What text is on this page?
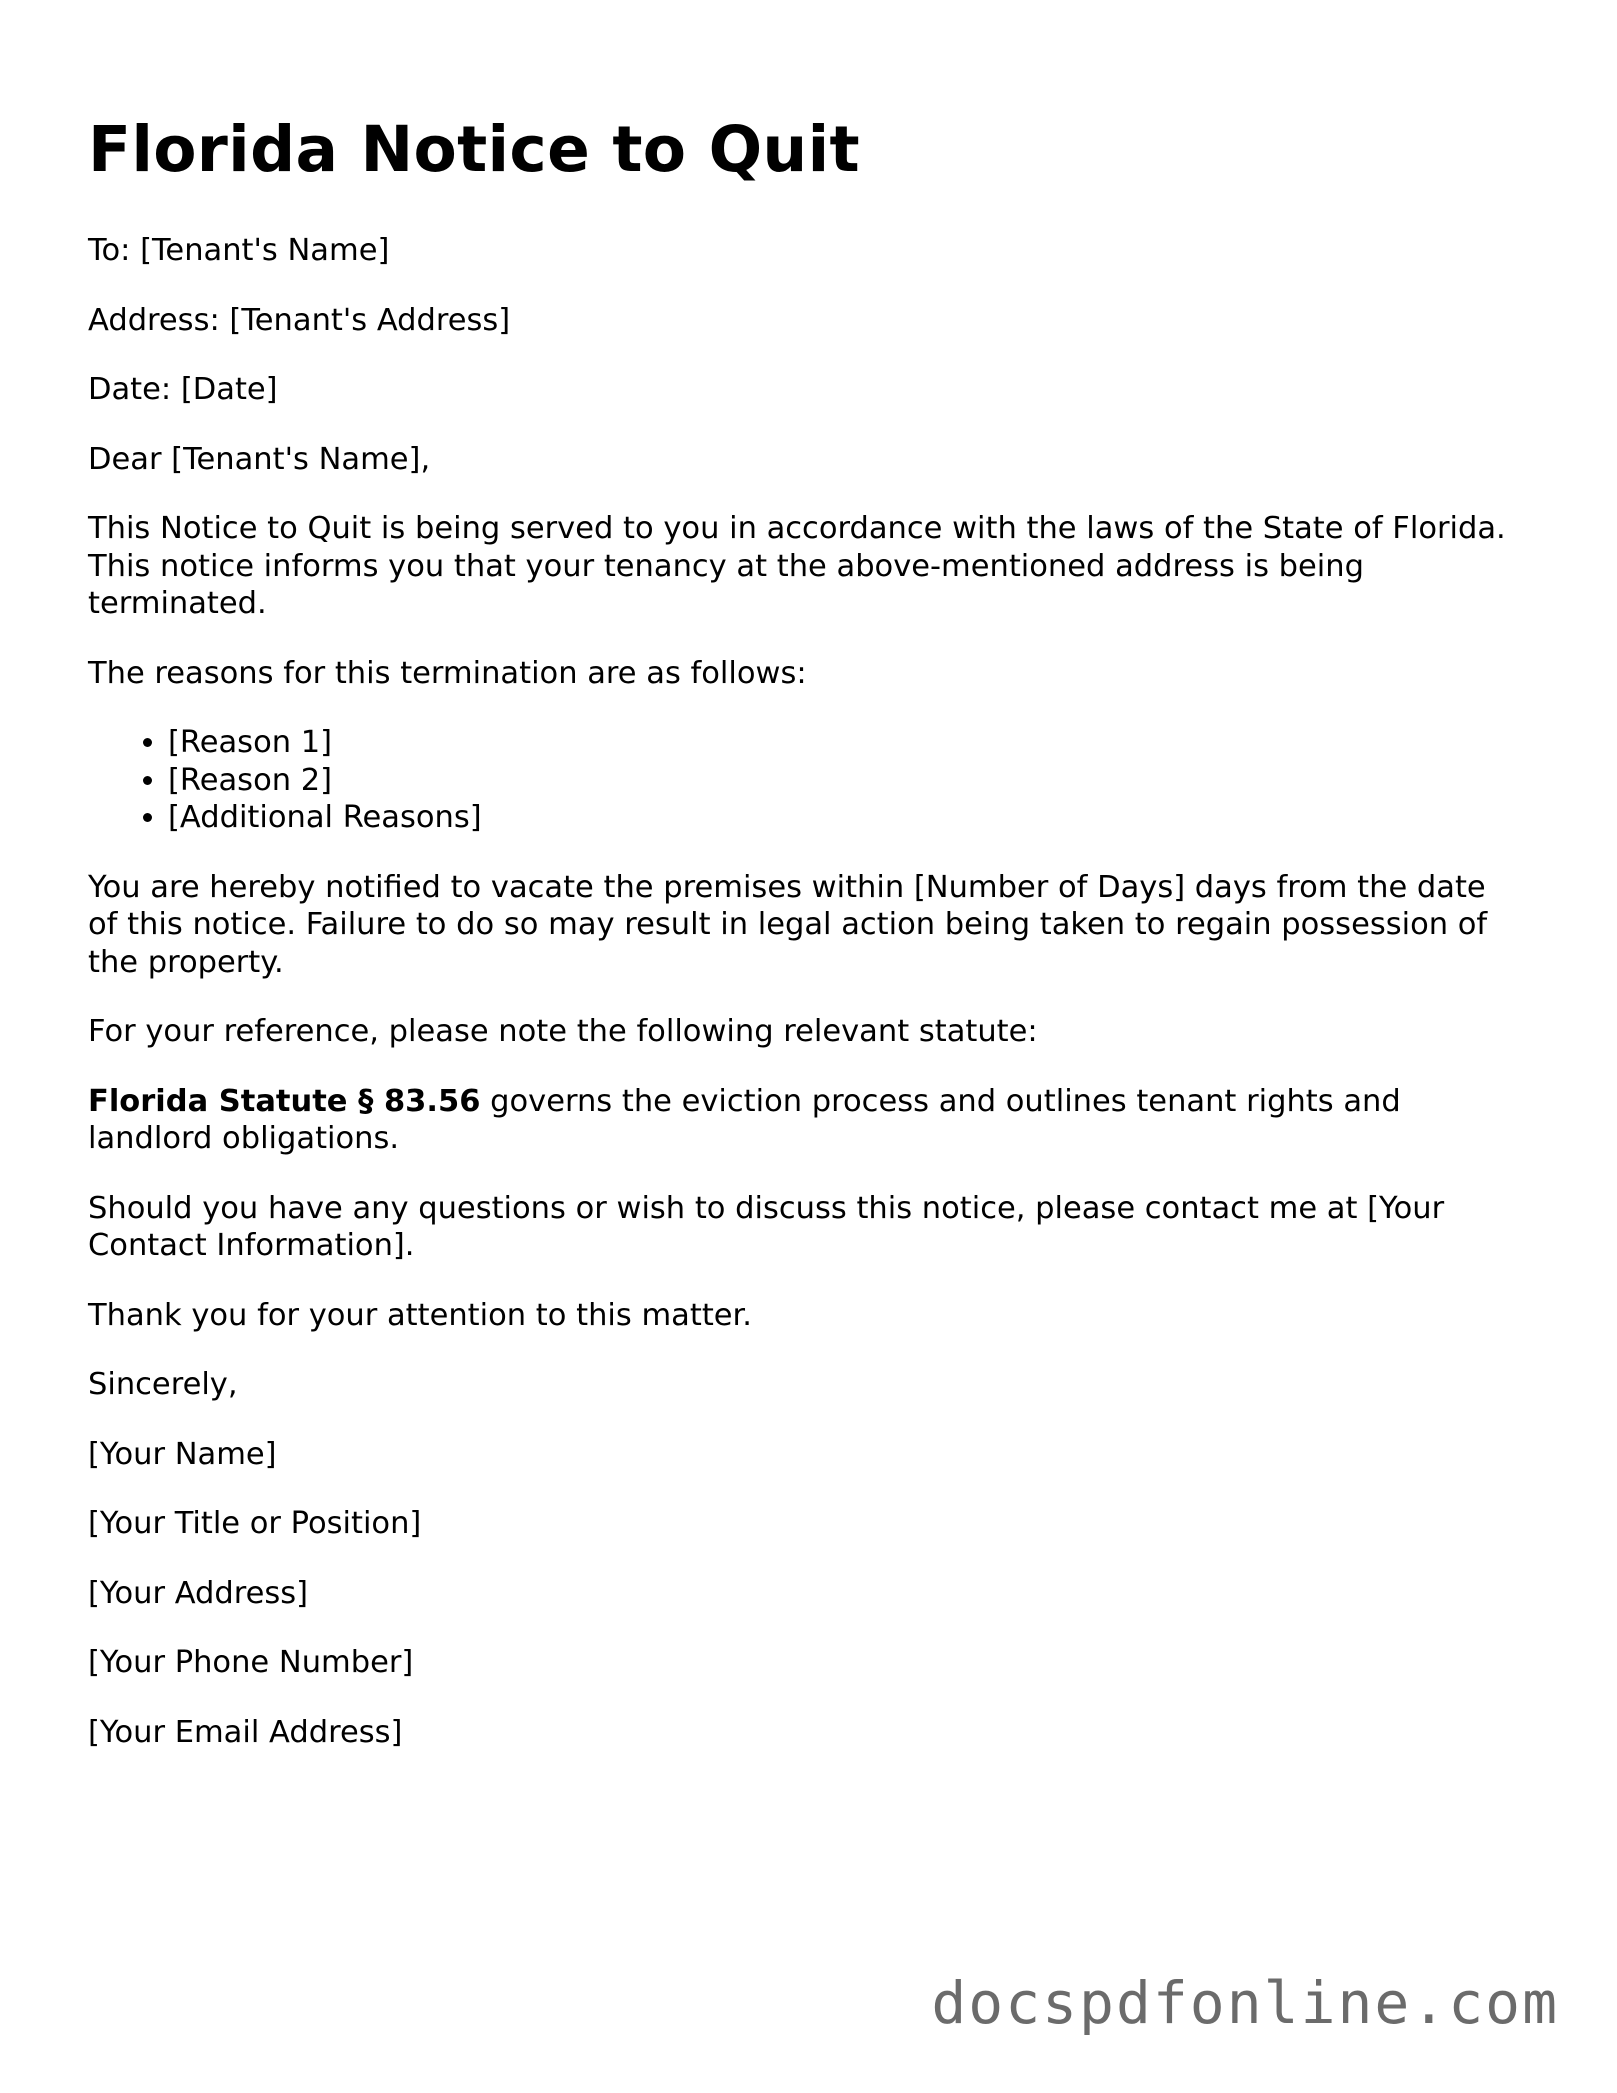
Florida Notice to Quit

To: [Tenant's Name]

Address: [Tenant's Address]

Date: [Date]

Dear [Tenant's Name],

This Notice to Quit is being served to you in accordance with the laws of the State of Florida. This notice informs you that your tenancy at the above-mentioned address is being terminated.

The reasons for this termination are as follows:

• [Reason 1]
• [Reason 2]
• [Additional Reasons]

You are hereby notified to vacate the premises within [Number of Days] days from the date of this notice. Failure to do so may result in legal action being taken to regain possession of the property.

For your reference, please note the following relevant statute:

Florida Statute § 83.56 governs the eviction process and outlines tenant rights and landlord obligations.

Should you have any questions or wish to discuss this notice, please contact me at [Your Contact Information].

Thank you for your attention to this matter.

Sincerely,

[Your Name]

[Your Title or Position]

[Your Address]

[Your Phone Number]

[Your Email Address]

docspdfonline.com
